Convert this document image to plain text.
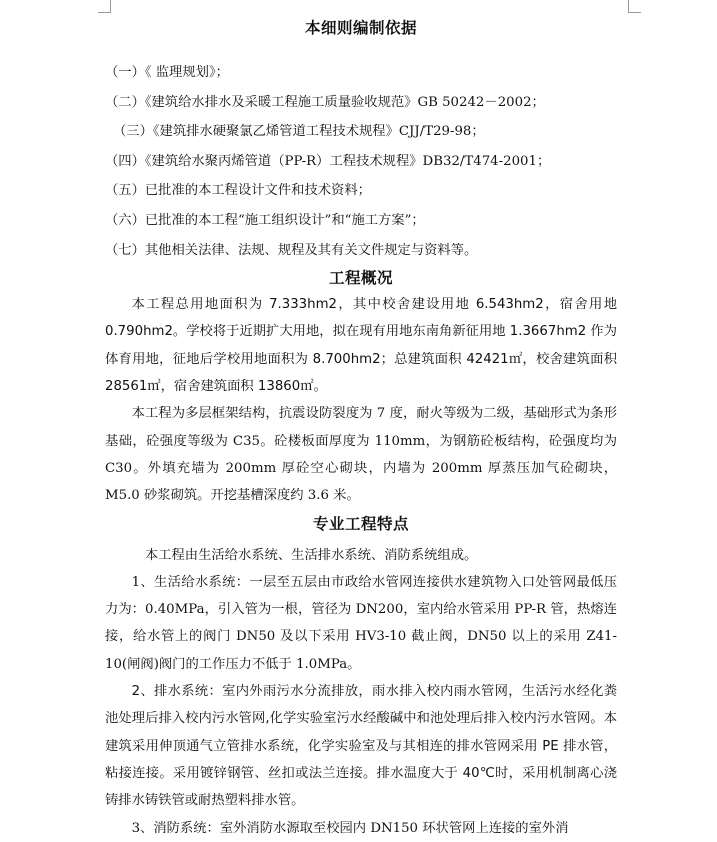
本细则编制依据
（一）《 监理规划》；
（二）《建筑给水排水及采暖工程施工质量验收规范》GB 50242－2002；
（三）《建筑排水硬聚氯乙烯管道工程技术规程》CJJ/T29-98；
（四）《建筑给水聚丙烯管道（PP-R）工程技术规程》DB32/T474-2001；
（五）已批准的本工程设计文件和技术资料；
（六）已批准的本工程“施工组织设计”和“施工方案”；
（七）其他相关法律、法规、规程及其有关文件规定与资料等。
工程概况

本工程总用地面积为 7.333hm2，其中校舍建设用地 6.543hm2，宿舍用地 0.790hm2。学校将于近期扩大用地，拟在现有用地东南角新征用地 1.3667hm2 作为体育用地，征地后学校用地面积为 8.700hm2；总建筑面积 42421㎡，校舍建筑面积 28561㎡，宿舍建筑面积 13860㎡。

本工程为多层框架结构，抗震设防裂度为 7 度，耐火等级为二级，基础形式为条形基础，砼强度等级为 C35。砼楼板面厚度为 110mm，为钢筋砼板结构，砼强度均为 C30。外填充墙为 200mm 厚砼空心砌块，内墙为 200mm 厚蒸压加气砼砌块，M5.0 砂浆砌筑。开挖基槽深度约 3.6 米。

专业工程特点

本工程由生活给水系统、生活排水系统、消防系统组成。

1、生活给水系统：一层至五层由市政给水管网连接供水建筑物入口处管网最低压力为：0.40MPa，引入管为一根，管径为 DN200，室内给水管采用 PP-R 管，热熔连接，给水管上的阀门 DN50 及以下采用 HV3-10 截止阀，DN50 以上的采用 Z41-10(闸阀)阀门的工作压力不低于 1.0MPa。

2、排水系统：室内外雨污水分流排放，雨水排入校内雨水管网，生活污水经化粪池处理后排入校内污水管网,化学实验室污水经酸碱中和池处理后排入校内污水管网。本建筑采用伸顶通气立管排水系统，化学实验室及与其相连的排水管网采用 PE 排水管，粘接连接。采用镀锌钢管、丝扣或法兰连接。排水温度大于 40℃时，采用机制离心浇铸排水铸铁管或耐热塑料排水管。

3、消防系统：室外消防水源取至校园内 DN150 环状管网上连接的室外消
